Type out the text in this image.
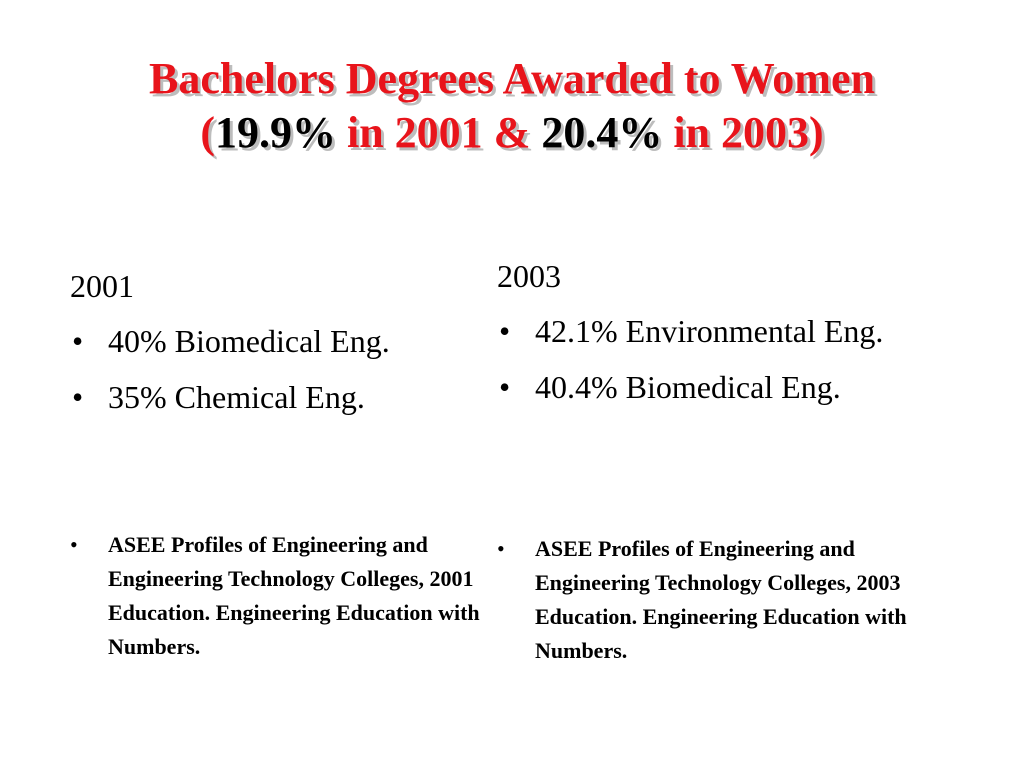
Bachelors Degrees Awarded to Women
(19.9% in 2001 & 20.4% in 2003)
2001
• 40% Biomedical Eng.
• 35% Chemical Eng.
2003
• 42.1% Environmental Eng.
• 40.4% Biomedical Eng.
• ASEE Profiles of Engineering and Engineering Technology Colleges, 2001 Education. Engineering Education with Numbers.
• ASEE Profiles of Engineering and Engineering Technology Colleges, 2003 Education. Engineering Education with Numbers.
